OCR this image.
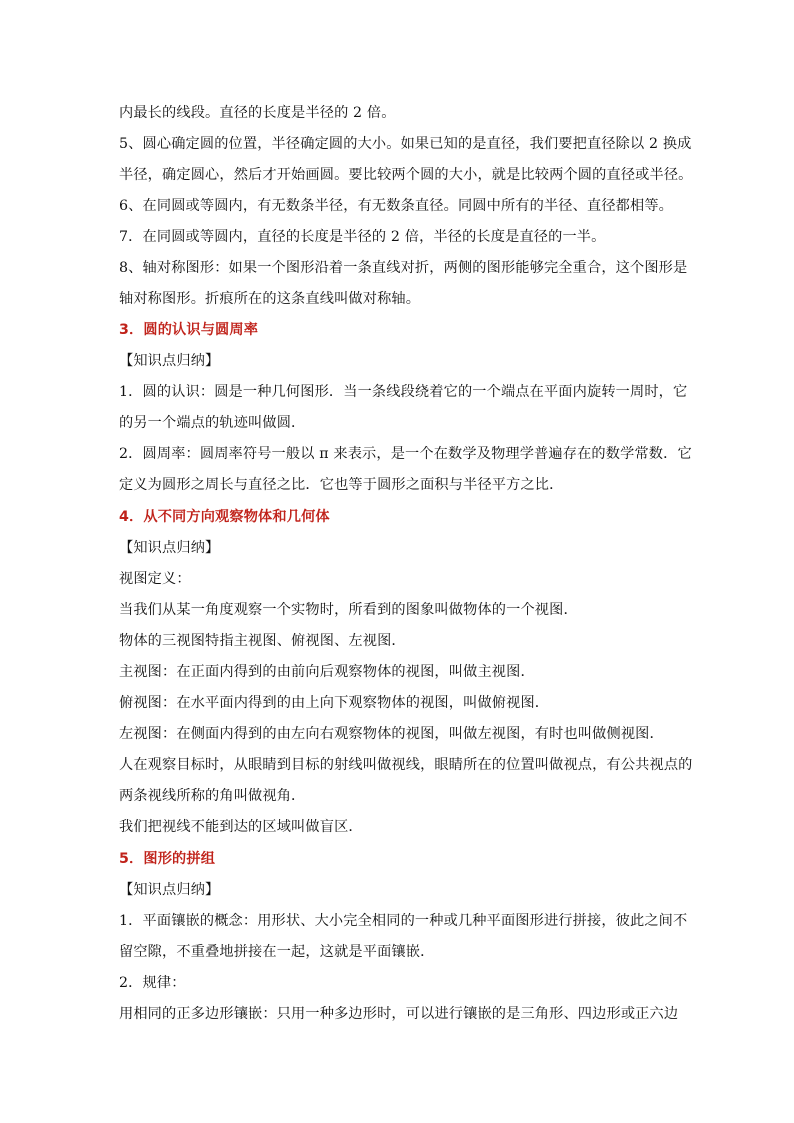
内最长的线段。直径的长度是半径的 2 倍。
5、圆心确定圆的位置，半径确定圆的大小。如果已知的是直径，我们要把直径除以 2 换成
半径，确定圆心，然后才开始画圆。要比较两个圆的大小，就是比较两个圆的直径或半径。
6、在同圆或等圆内，有无数条半径，有无数条直径。同圆中所有的半径、直径都相等。
7．在同圆或等圆内，直径的长度是半径的 2 倍，半径的长度是直径的一半。
8、轴对称图形：如果一个图形沿着一条直线对折，两侧的图形能够完全重合，这个图形是
轴对称图形。折痕所在的这条直线叫做对称轴。
3．圆的认识与圆周率
【知识点归纳】
1．圆的认识：圆是一种几何图形．当一条线段绕着它的一个端点在平面内旋转一周时，它
的另一个端点的轨迹叫做圆．
2．圆周率：圆周率符号一般以 π 来表示，是一个在数学及物理学普遍存在的数学常数．它
定义为圆形之周长与直径之比．它也等于圆形之面积与半径平方之比．
4．从不同方向观察物体和几何体
【知识点归纳】
视图定义：
当我们从某一角度观察一个实物时，所看到的图象叫做物体的一个视图．
物体的三视图特指主视图、俯视图、左视图．
主视图：在正面内得到的由前向后观察物体的视图，叫做主视图．
俯视图：在水平面内得到的由上向下观察物体的视图，叫做俯视图．
左视图：在侧面内得到的由左向右观察物体的视图，叫做左视图，有时也叫做侧视图．
人在观察目标时，从眼睛到目标的射线叫做视线，眼睛所在的位置叫做视点，有公共视点的
两条视线所称的角叫做视角．
我们把视线不能到达的区域叫做盲区．
5．图形的拼组
【知识点归纳】
1．平面镶嵌的概念：用形状、大小完全相同的一种或几种平面图形进行拼接，彼此之间不
留空隙，不重叠地拼接在一起，这就是平面镶嵌．
2．规律：
用相同的正多边形镶嵌：只用一种多边形时，可以进行镶嵌的是三角形、四边形或正六边
